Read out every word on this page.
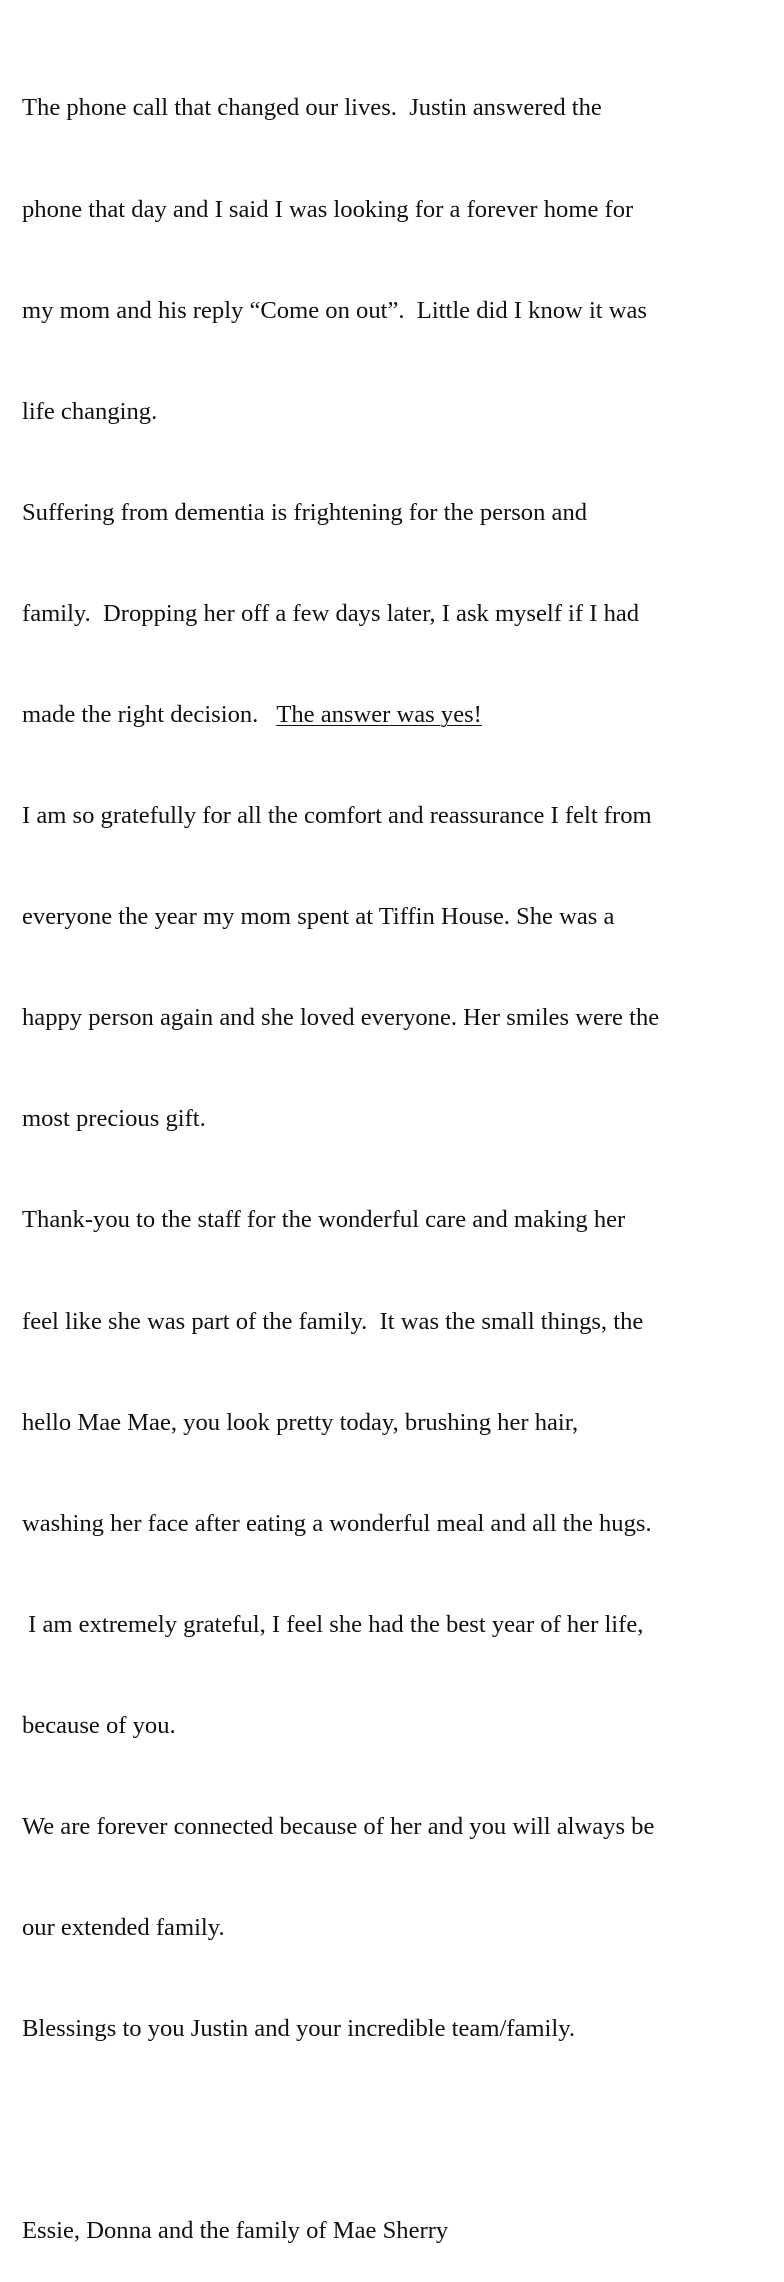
The phone call that changed our lives.  Justin answered the

phone that day and I said I was looking for a forever home for

my mom and his reply “Come on out”.  Little did I know it was

life changing.

Suffering from dementia is frightening for the person and

family.  Dropping her off a few days later, I ask myself if I had

made the right decision.   The answer was yes!

I am so gratefully for all the comfort and reassurance I felt from

everyone the year my mom spent at Tiffin House. She was a

happy person again and she loved everyone. Her smiles were the

most precious gift.

Thank-you to the staff for the wonderful care and making her

feel like she was part of the family.  It was the small things, the

hello Mae Mae, you look pretty today, brushing her hair,

washing her face after eating a wonderful meal and all the hugs.

I am extremely grateful, I feel she had the best year of her life,

because of you.

We are forever connected because of her and you will always be

our extended family.

Blessings to you Justin and your incredible team/family.

Essie, Donna and the family of Mae Sherry
